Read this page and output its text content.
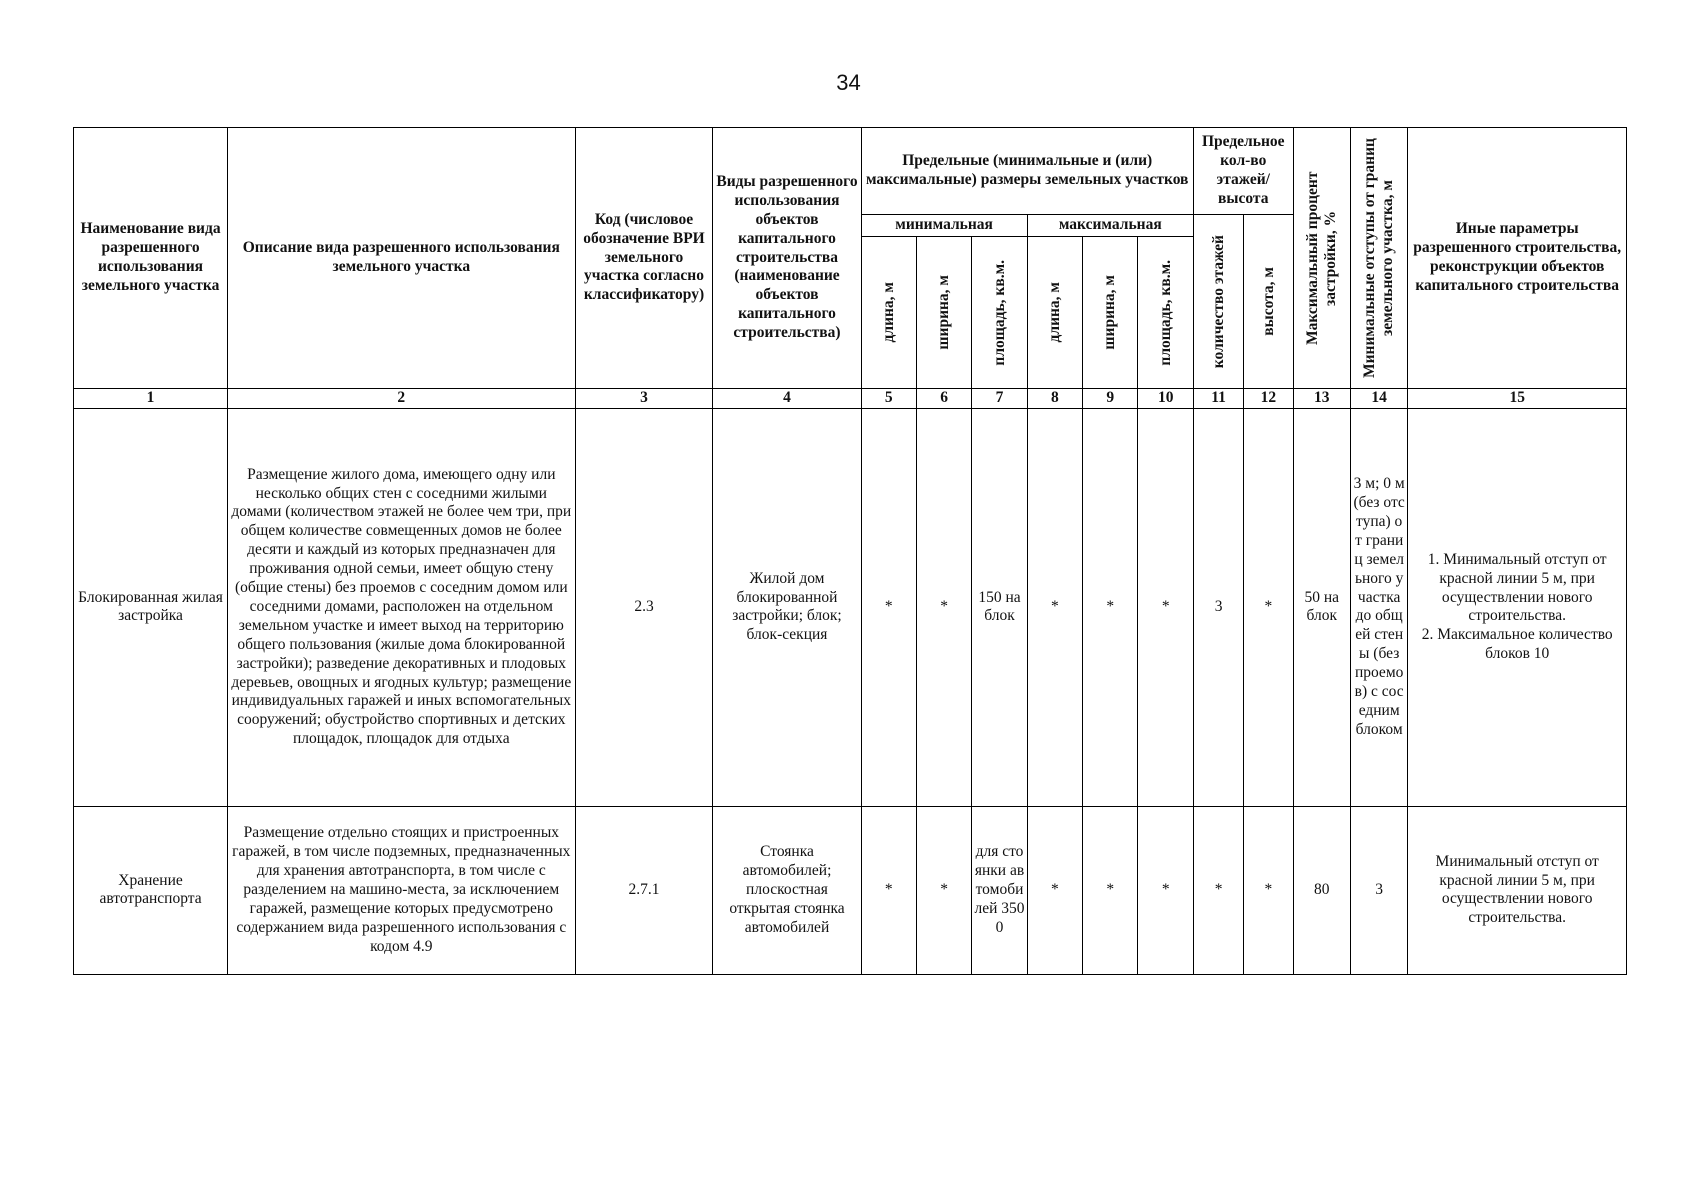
34
Наименование вида разрешенного использования земельного участка	Описание вида разрешенного использования земельного участка	Код (числовое обозначение ВРИ земельного участка согласно классификатору)	Виды разрешенного использования объектов капитального строительства (наименование объектов капитального строительства)	Предельные (минимальные и (или) максимальные) размеры земельных участков						Предельное кол-во этажей/ высота		Максимальный процент застройки, %	Минимальные отступы от границ земельного участка, м	Иные параметры разрешенного строительства, реконструкции объектов капитального строительства
				минимальная			максимальная			количество этажей	высота, м			

				длина, м	ширина, м	площадь, кв.м.	длина, м	ширина, м	площадь, кв.м.					

1	2	3	4	5	6	7	8	9	10	11	12	13	14	15
Блокированная жилая застройка	Размещение жилого дома, имеющего одну или несколько общих стен с соседними жилыми домами (количеством этажей не более чем три, при общем количестве совмещенных домов не более десяти и каждый из которых предназначен для проживания одной семьи, имеет общую стену (общие стены) без проемов с соседним домом или соседними домами, расположен на отдельном земельном участке и имеет выход на территорию общего пользования (жилые дома блокированной застройки); разведение декоративных и плодовых деревьев, овощных и ягодных культур; размещение индивидуальных гаражей и иных вспомогательных сооружений; обустройство спортивных и детских площадок, площадок для отдыха	2.3	Жилой дом блокированной застройки; блок; блок-секция	*	*	150 на блок	*	*	*	3	*	50 на блок	3 м; 0 м (без отступа) от границ земельного участка до общей стены (без проемов) с соседним блоком	1. Минимальный отступ от красной линии 5 м, при осуществлении нового строительства.
2. Максимальное количество блоков 10

Хранение автотранспорта	Размещение отдельно стоящих и пристроенных гаражей, в том числе подземных, предназначенных для хранения автотранспорта, в том числе с разделением на машино-места, за исключением гаражей, размещение которых предусмотрено содержанием вида разрешенного использования с кодом 4.9	2.7.1	Стоянка автомобилей; плоскостная открытая стоянка автомобилей	*	*	для стоянки автомобилей 3500	*	*	*	*	*	80	3	Минимальный отступ от красной линии 5 м, при осуществлении нового строительства.
